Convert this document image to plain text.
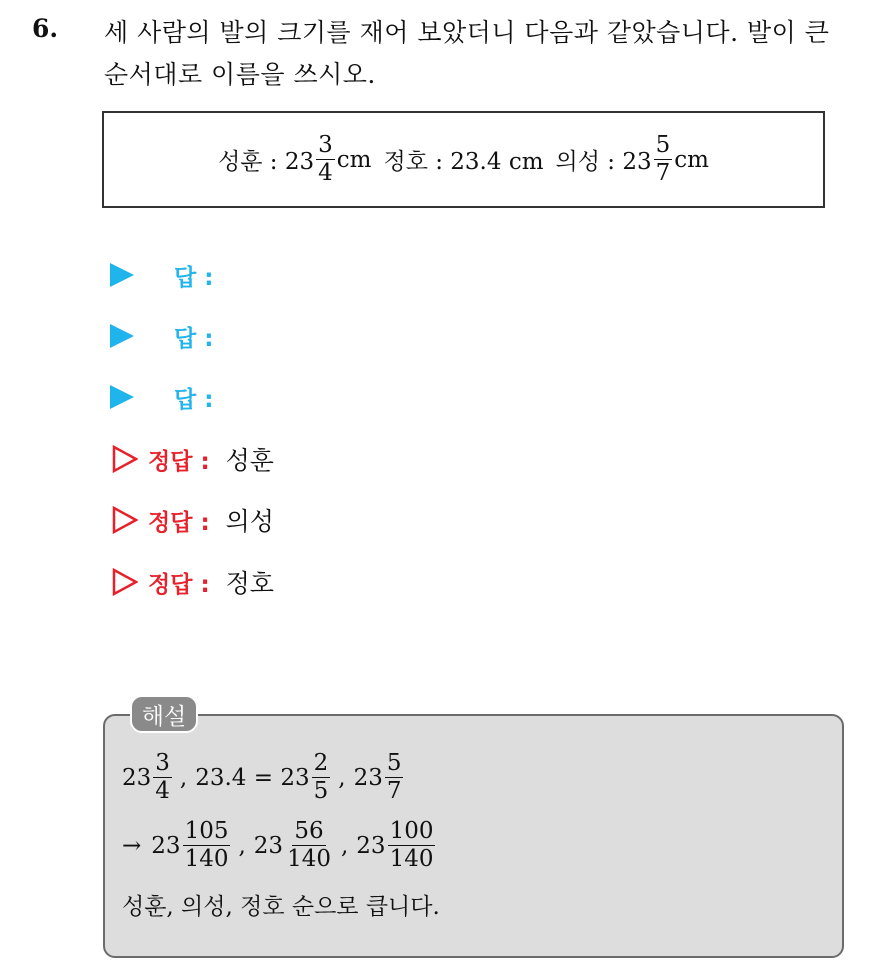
6. 세 사람의 발의 크기를 재어 보았더니 다음과 같았습니다. 발이 큰
순서대로 이름을 쓰시오.
성훈 : $23 \frac{3}{4}$ cm 정호 : 23.4 cm 의성 : $23 \frac{5}{7}$ cm
답 :
답 :
답 :
정답 : 성훈
정답 : 의성
정답 : 정호
해설
$23 \frac{3}{4}$ , $23.4 = 23 \frac{2}{5}$ , $23 \frac{5}{7}$
→ $23 \frac{105}{140}$ , $23 \frac{56}{140}$ , $23 \frac{100}{140}$
성훈, 의성, 정호 순으로 큽니다.
